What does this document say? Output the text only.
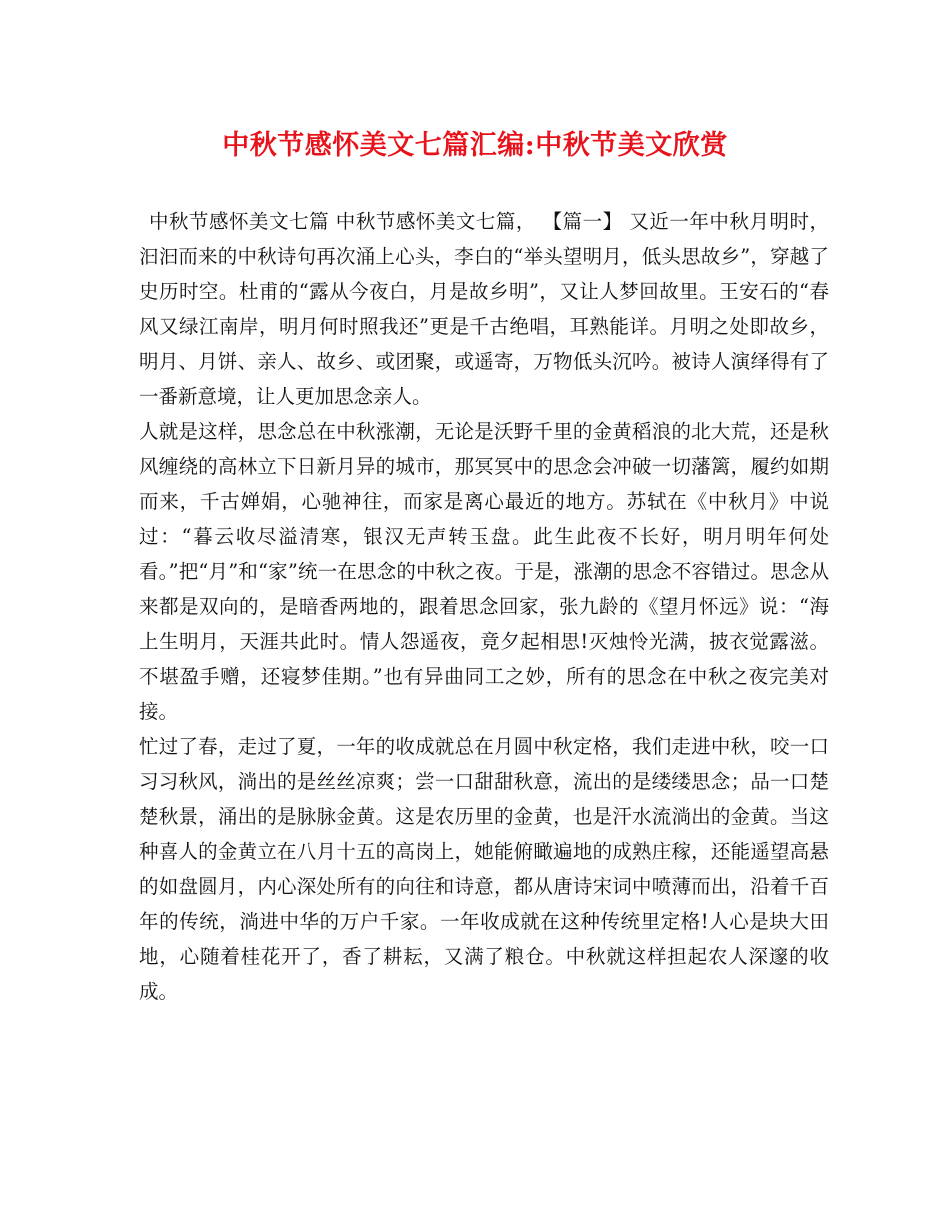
中秋节感怀美文七篇汇编:中秋节美文欣赏

中秋节感怀美文七篇 中秋节感怀美文七篇， 【篇一】 又近一年中秋月明时，汩汩而来的中秋诗句再次涌上心头，李白的“举头望明月，低头思故乡”，穿越了史历时空。杜甫的“露从今夜白，月是故乡明”，又让人梦回故里。王安石的“春风又绿江南岸，明月何时照我还”更是千古绝唱，耳熟能详。月明之处即故乡，明月、月饼、亲人、故乡、或团聚，或遥寄，万物低头沉吟。被诗人演绎得有了一番新意境，让人更加思念亲人。

人就是这样，思念总在中秋涨潮，无论是沃野千里的金黄稻浪的北大荒，还是秋风缠绕的高林立下日新月异的城市，那冥冥中的思念会冲破一切藩篱，履约如期而来，千古婵娟，心驰神往，而家是离心最近的地方。苏轼在《中秋月》中说过：“暮云收尽溢清寒，银汉无声转玉盘。此生此夜不长好，明月明年何处看。”把“月”和“家”统一在思念的中秋之夜。于是，涨潮的思念不容错过。思念从来都是双向的，是暗香两地的，跟着思念回家，张九龄的《望月怀远》说：“海上生明月，天涯共此时。情人怨遥夜，竟夕起相思!灭烛怜光满，披衣觉露滋。不堪盈手赠，还寝梦佳期。”也有异曲同工之妙，所有的思念在中秋之夜完美对接。

忙过了春，走过了夏，一年的收成就总在月圆中秋定格，我们走进中秋，咬一口习习秋风，淌出的是丝丝凉爽；尝一口甜甜秋意，流出的是缕缕思念；品一口楚楚秋景，涌出的是脉脉金黄。这是农历里的金黄，也是汗水流淌出的金黄。当这种喜人的金黄立在八月十五的高岗上，她能俯瞰遍地的成熟庄稼，还能遥望高悬的如盘圆月，内心深处所有的向往和诗意，都从唐诗宋词中喷薄而出，沿着千百年的传统，淌进中华的万户千家。一年收成就在这种传统里定格!人心是块大田地，心随着桂花开了，香了耕耘，又满了粮仓。中秋就这样担起农人深邃的收成。
